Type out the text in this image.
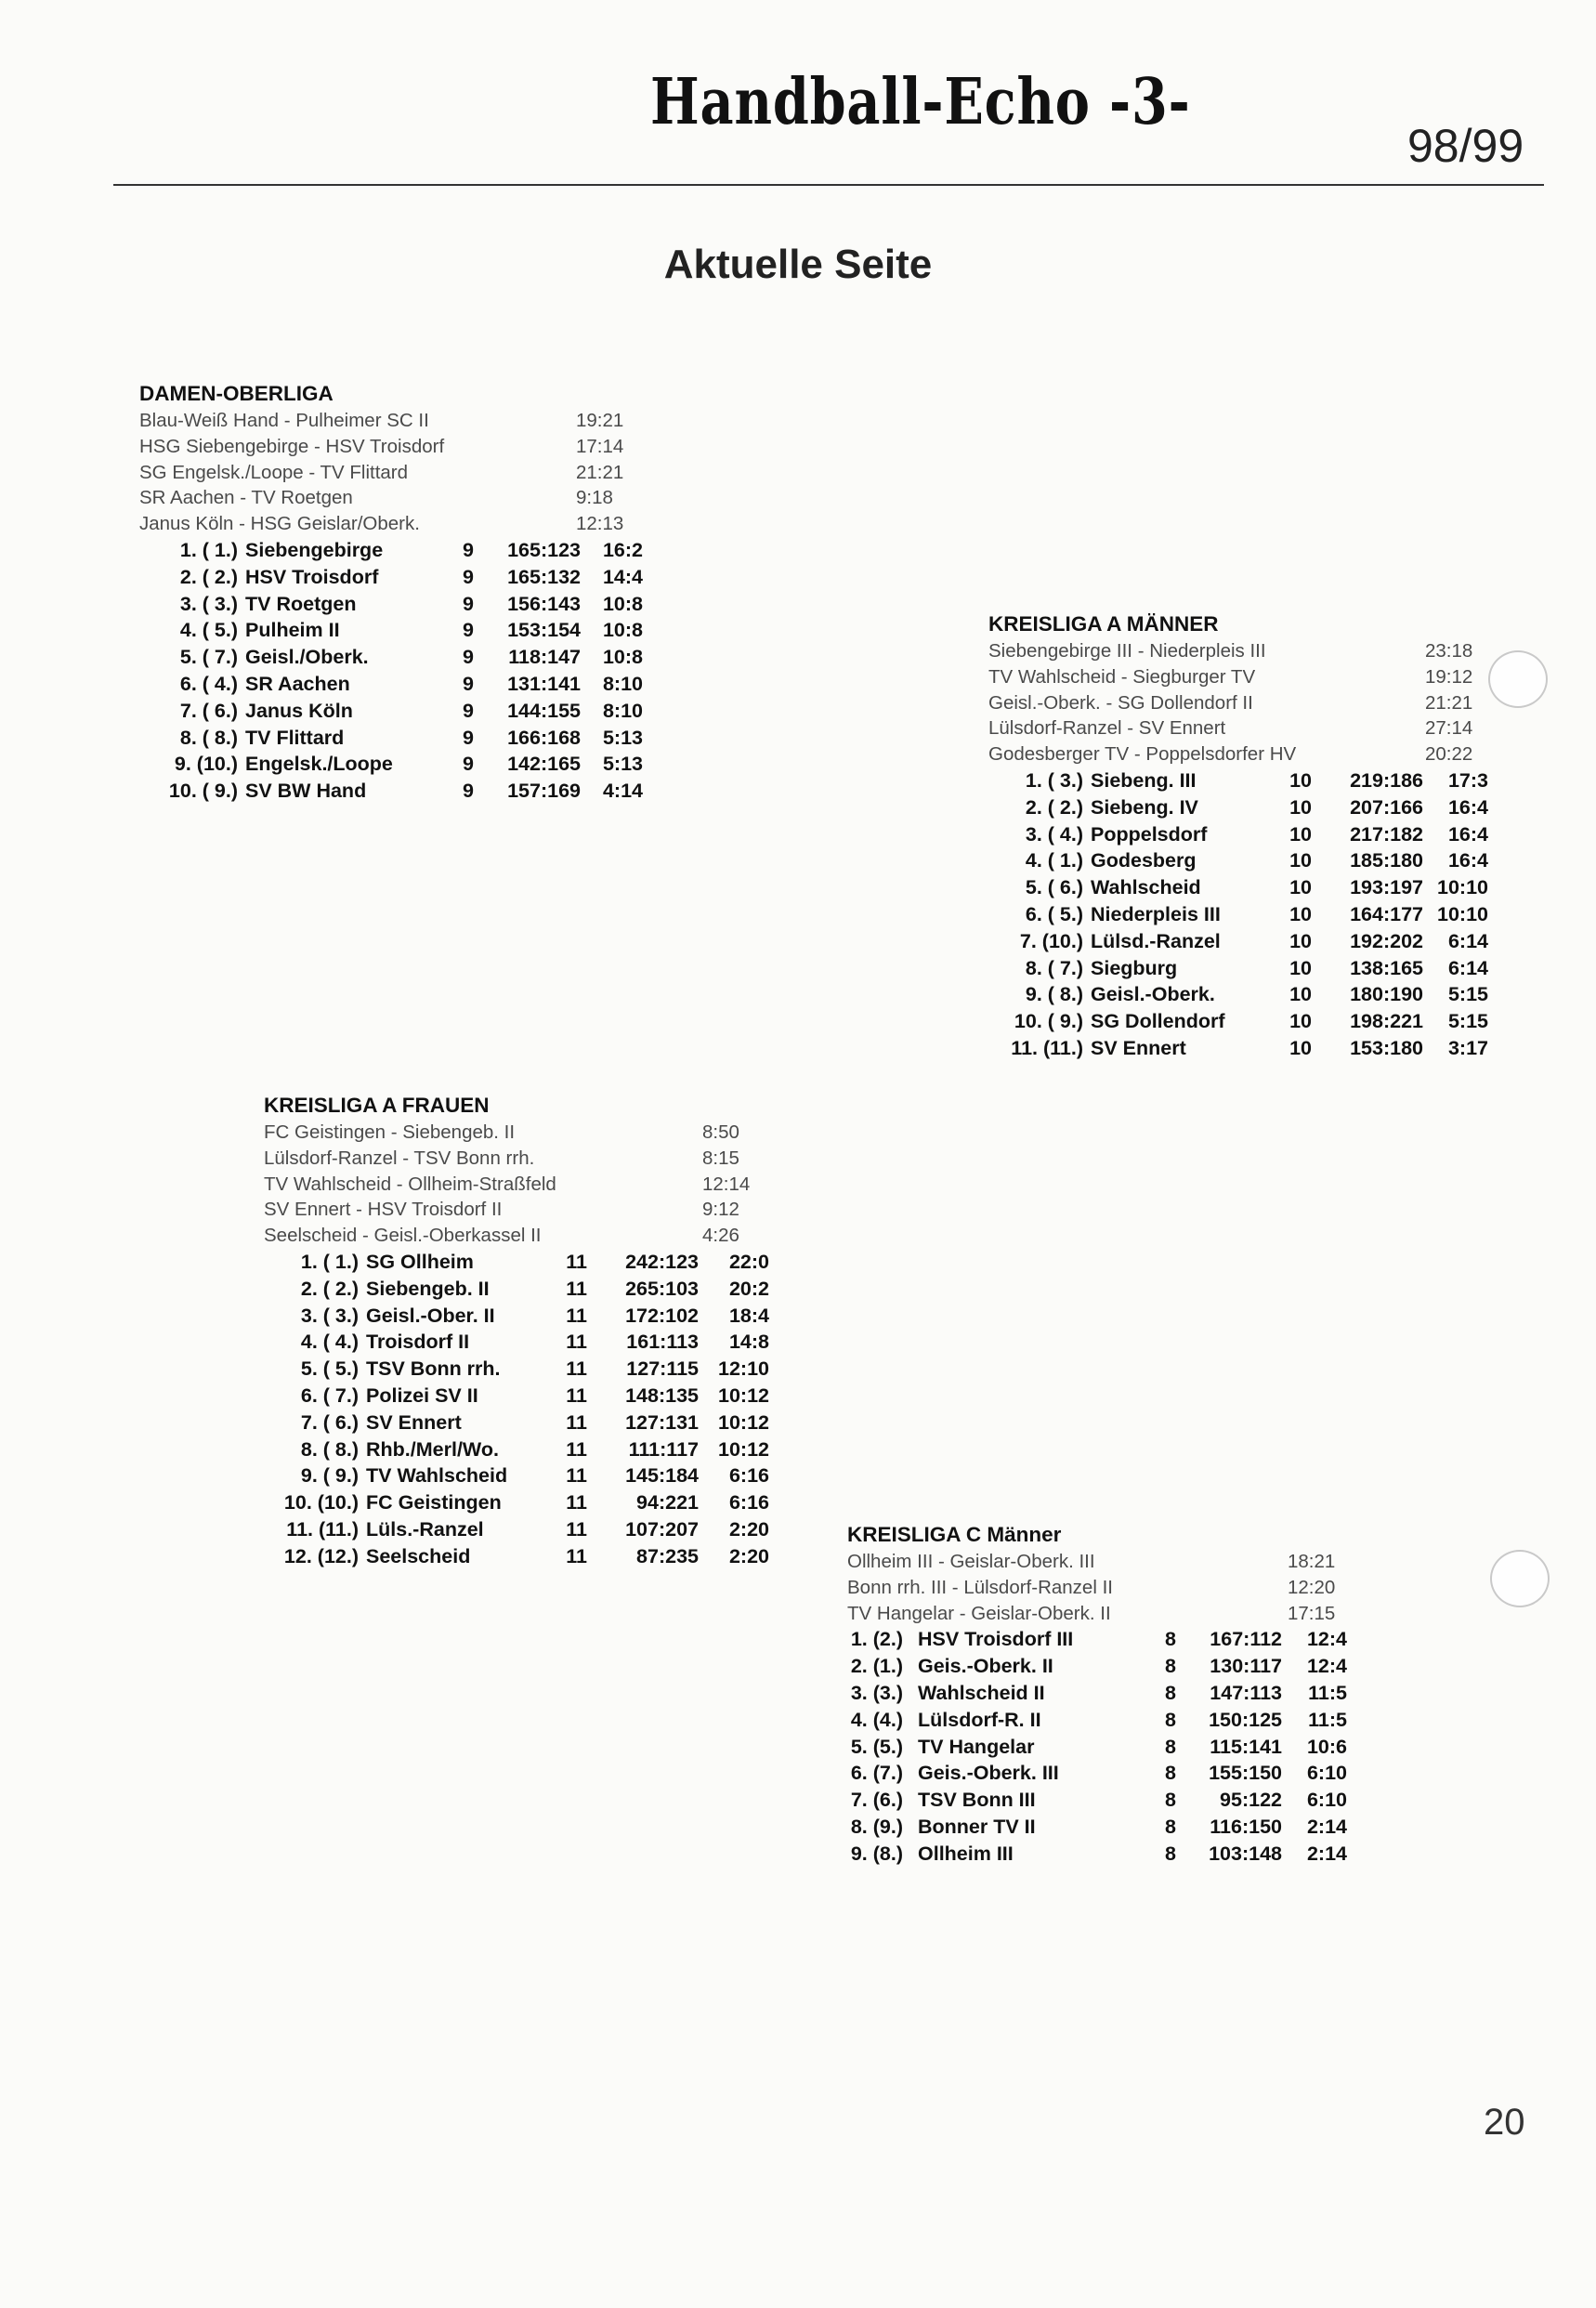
Handball-Echo -3-
98/99
Aktuelle Seite
DAMEN-OBERLIGA
Blau-Weiß Hand - Pulheimer SC II	19:21
HSG Siebengebirge - HSV Troisdorf	17:14
SG Engelsk./Loope - TV Flittard	21:21
SR Aachen - TV Roetgen	9:18
Janus Köln - HSG Geislar/Oberk.	12:13
1. ( 1.) Siebengebirge	9	165:123	16:2
2. ( 2.) HSV Troisdorf	9	165:132	14:4
3. ( 3.) TV Roetgen	9	156:143	10:8
4. ( 5.) Pulheim II	9	153:154	10:8
5. ( 7.) Geisl./Oberk.	9	118:147	10:8
6. ( 4.) SR Aachen	9	131:141	8:10
7. ( 6.) Janus Köln	9	144:155	8:10
8. ( 8.) TV Flittard	9	166:168	5:13
9. (10.) Engelsk./Loope	9	142:165	5:13
10. ( 9.) SV BW Hand	9	157:169	4:14
KREISLIGA A MÄNNER
Siebengebirge III - Niederpleis III	23:18
TV Wahlscheid - Siegburger TV	19:12
Geisl.-Oberk. - SG Dollendorf II	21:21
Lülsdorf-Ranzel - SV Ennert	27:14
Godesberger TV - Poppelsdorfer HV	20:22
1. ( 3.) Siebeng. III	10	219:186	17:3
2. ( 2.) Siebeng. IV	10	207:166	16:4
3. ( 4.) Poppelsdorf	10	217:182	16:4
4. ( 1.) Godesberg	10	185:180	16:4
5. ( 6.) Wahlscheid	10	193:197 10:10
6. ( 5.) Niederpleis III	10	164:177 10:10
7. (10.) Lülsd.-Ranzel	10	192:202	6:14
8. ( 7.) Siegburg	10	138:165	6:14
9. ( 8.) Geisl.-Oberk.	10	180:190	5:15
10. ( 9.) SG Dollendorf	10	198:221	5:15
11. (11.) SV Ennert	10	153:180	3:17
KREISLIGA A FRAUEN
FC Geistingen - Siebengeb. II	8:50
Lülsdorf-Ranzel - TSV Bonn rrh.	8:15
TV Wahlscheid - Ollheim-Straßfeld	12:14
SV Ennert - HSV Troisdorf II	9:12
Seelscheid - Geisl.-Oberkassel II	4:26
1. ( 1.) SG Ollheim	11	242:123	22:0
2. ( 2.) Siebengeb. II	11	265:103	20:2
3. ( 3.) Geisl.-Ober. II	11	172:102	18:4
4. ( 4.) Troisdorf II	11	161:113	14:8
5. ( 5.) TSV Bonn rrh.	11	127:115 12:10
6. ( 7.) Polizei SV II	11	148:135 10:12
7. ( 6.) SV Ennert	11	127:131 10:12
8. ( 8.) Rhb./Merl/Wo.	11	111:117 10:12
9. ( 9.) TV Wahlscheid	11	145:184	6:16
10. (10.) FC Geistingen	11	94:221	6:16
11. (11.) Lüls.-Ranzel	11	107:207	2:20
12. (12.) Seelscheid	11	87:235	2:20
KREISLIGA C Männer
Ollheim III - Geislar-Oberk. III	18:21
Bonn rrh. III - Lülsdorf-Ranzel II	12:20
TV Hangelar - Geislar-Oberk. II	17:15
1. (2.) HSV Troisdorf III	8	167:112	12:4
2. (1.) Geis.-Oberk. II	8	130:117	12:4
3. (3.) Wahlscheid II	8	147:113	11:5
4. (4.) Lülsdorf-R. II	8	150:125	11:5
5. (5.) TV Hangelar	8	115:141	10:6
6. (7.) Geis.-Oberk. III	8	155:150	6:10
7. (6.) TSV Bonn III	8	95:122	6:10
8. (9.) Bonner TV II	8	116:150	2:14
9. (8.) Ollheim III	8	103:148	2:14
20
